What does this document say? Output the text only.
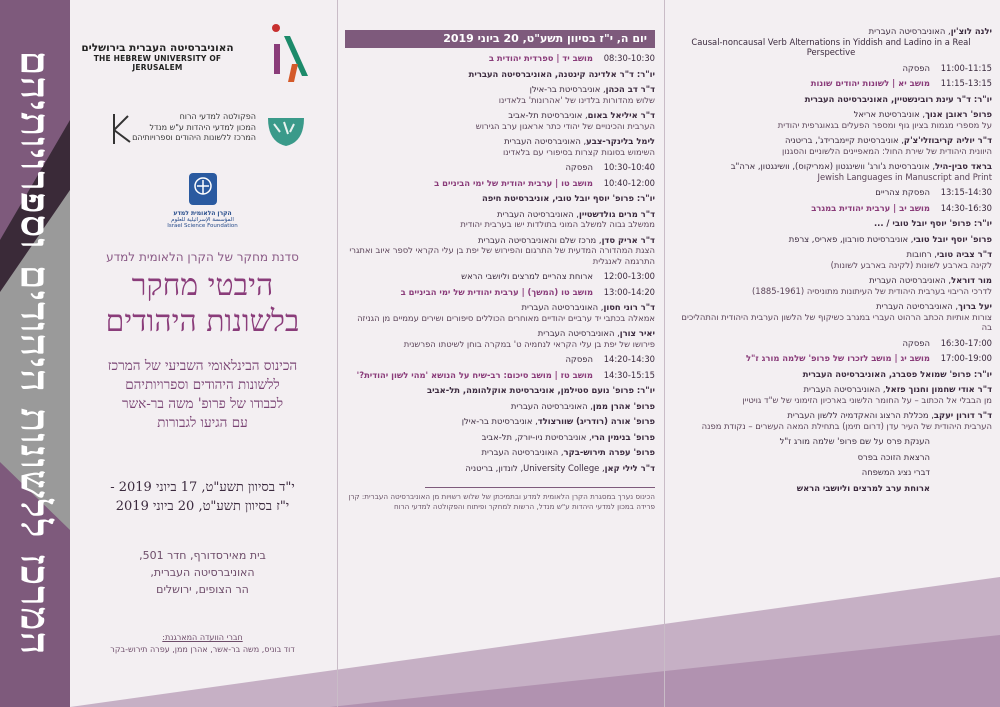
המרכז ללשונות היהודים וספרויותיהם
האוניברסיטה העברית בירושלים
THE HEBREW UNIVERSITY OF JERUSALEM
הפקולטה למדעי הרוח
המכון למדעי היהדות ע"ש מנדל
המרכז ללשונות היהודים וספרויותיהם
הקרן הלאומית למדע
المؤسسة الإسرائيلية للعلوم
Israel Science Foundation
סדנת מחקר של הקרן הלאומית למדע
היבטי מחקר
בלשונות היהודים
הכינוס הבינלאומי השביעי של המרכז
ללשונות היהודים וספרויותיהם
לכבודו של פרופ' משה בר-אשר
עם הגיעו לגבורות
י"ד בסיוון תשע"ט, 17 ביוני 2019 -
י"ז בסיוון תשע"ט, 20 ביוני 2019
בית מאירסדורף, חדר 501,
האוניברסיטה העברית,
הר הצופים, ירושלים
חברי הוועדה המארגנת:
דוד בוניס, משה בר-אשר, אהרן ממן, עפרה תירוש-בקר
יום ה, י"ז בסיוון תשע"ט, 20 ביוני 2019
08:30-10:30
מושב יד | ספרדית יהודית ב
יו"ר: ד"ר אלדינה קינטנה, האוניברסיטה העברית
ד"ר דב הכהן, אוניברסיטת בר-אילן
שלוש מהדורות בלדינו של 'אהרונות' בלאדינו
ד"ר איליאל באום, אוניברסיטת תל-אביב
הערבית והכינויים של יהודי כתר אראגון ערב הגירוש
לימל בלינקר-צבע, האוניברסיטה העברית
השימוש בסוגות קצרות בסיפורי עם בלאדינו
10:30-10:40
הפסקה
10:40-12:00
מושב טו | ערבית יהודית של ימי הביניים ב
יו"ר: פרופ' יוסף יובל טובי, אוניברסיטת חיפה
ד"ר מרים גולדשטיין, האוניברסיטה העברית
ממשלב גבוה למשלב המוני בתולדות ישו בערבית יהודית
ד"ר אריק סדן, מרכז שלם והאוניברסיטה העברית
הצגת המהדורה המדעית של התרגום והפירוש של יפת בן עלי הקראי לספר איוב ואתגרי התרגמה לאנגלית
12:00-13:00
ארוחת צהריים למרצים וליושבי הראש
13:00-14:20
מושב טו (המשך) | ערבית יהודית של ימי הביניים ב
ד"ר רוני חסון, האוניברסיטה העברית
אמאלה בכתבי יד ערביים יהודיים מאוחרים הכוללים סיפורים ושירים עממיים מן הגניזה
יאיר צורן, האוניברסיטה העברית
פירושו של יפת בן עלי הקראי לנחמיה ט' במקרה בוחן לשיטתו הפרשנית
14:20-14:30
הפסקה
14:30-15:15
מושב טז | מושב סיכום: רב-שיח על הנושא 'מהי לשון יהודית?'
יו"ר: פרופ' נועם סטילמן, אוניברסיטת אוקלהומה, תל-אביב
פרופ' אהרן ממן, האוניברסיטה העברית
פרופ' אורה (רודריג) שוורצולד, אוניברסיטת בר-אילן
פרופ' בנימין הרי, אוניברסיטת ניו-יורק, תל-אביב
פרופ' עפרה תירוש-בקר, האוניברסיטה העברית
ד"ר לילי קאן, University College, לונדון, בריטניה
הכינוס נערך במסגרת הקרן הלאומית למדע ובתמיכתן של שלוש רשויות מן האוניברסיטה העברית: קרן פרידה במכון למדעי היהדות ע"ש מנדל, הרשות למחקר ופיתוח והפקולטה למדעי הרוח
ילנה לוצ'ין, האוניברסיטה העברית
Causal-noncausal Verb Alternations in Yiddish and Ladino in a Real Perspective
11:00-11:15
הפסקה
11:15-13:15
מושב יא | לשונות יהודים שונות
יו"ר: ד"ר עינת רובינשטיין, האוניברסיטה העברית
פרופ' ראובן אנוך, אוניברסיטת אריאל
על מספרי מגמות בציון גוף ומספר הפעלים בגאוגרפית יהודית
ד"ר יוליה קריבוזלי'צ'ק, אוניברסיטת קיימברידג', בריטניה
היוונית היהודית של שירת החול: המאפיינים הלשוניים והסגנון
בראד סבין-היל, אוניברסיטת ג'ורג' וושינגטון (אמריקוס), וושינגטון, ארה"ב
Jewish Languages in Manuscript and Print
13:15-14:30
הפסקת צהריים
14:30-16:30
מושב יב | ערבית יהודית במגרב
יו"ר: פרופ' יוסף יובל טובי / ...
פרופ' יוסף יובל טובי, אוניברסיטת סורבון, פאריס, צרפת
ד"ר צביה טובי, רחובות
לקינה בארבע לשונות (לקינה בארבע לשונות)
מור דוראל, האוניברסיטה העברית
לדרכי הריבוי בערבית היהודית של העיתונות מתוניסיה (1885-1961)
יעל ברוך, האוניברסיטה העברית
צורות אותיות הכתב הרהוט העברי במגרב כשיקוף של הלשון הערבית היהודית והתהליכים בה
16:30-17:00
הפסקה
17:00-19:00
מושב יג | מושב לזכרו של פרופ' שלמה מורג ז"ל
יו"ר: פרופ' שמואל פסברג, האוניברסיטה העברית
ד"ר אודי שחמון וחנוך פזאל, האוניברסיטה העברית
מן הבבלי אל הכתוב – על החומר הלשוני בארכיון הזימוני של ש"ד גויטיין
ד"ר דורון יעקב, מכללת הרצוג והאקדמיה ללשון העברית
הערבית היהודית של העיר עדן (דרום תימן) בתחילת המאה העשרים – נקודת מפנה
הענקת פרס על שם פרופ' שלמה מורג ז"ל
הרצאת הזוכה בפרס
דברי נציג המשפחה
ארוחת ערב למרצים וליושבי הראש
